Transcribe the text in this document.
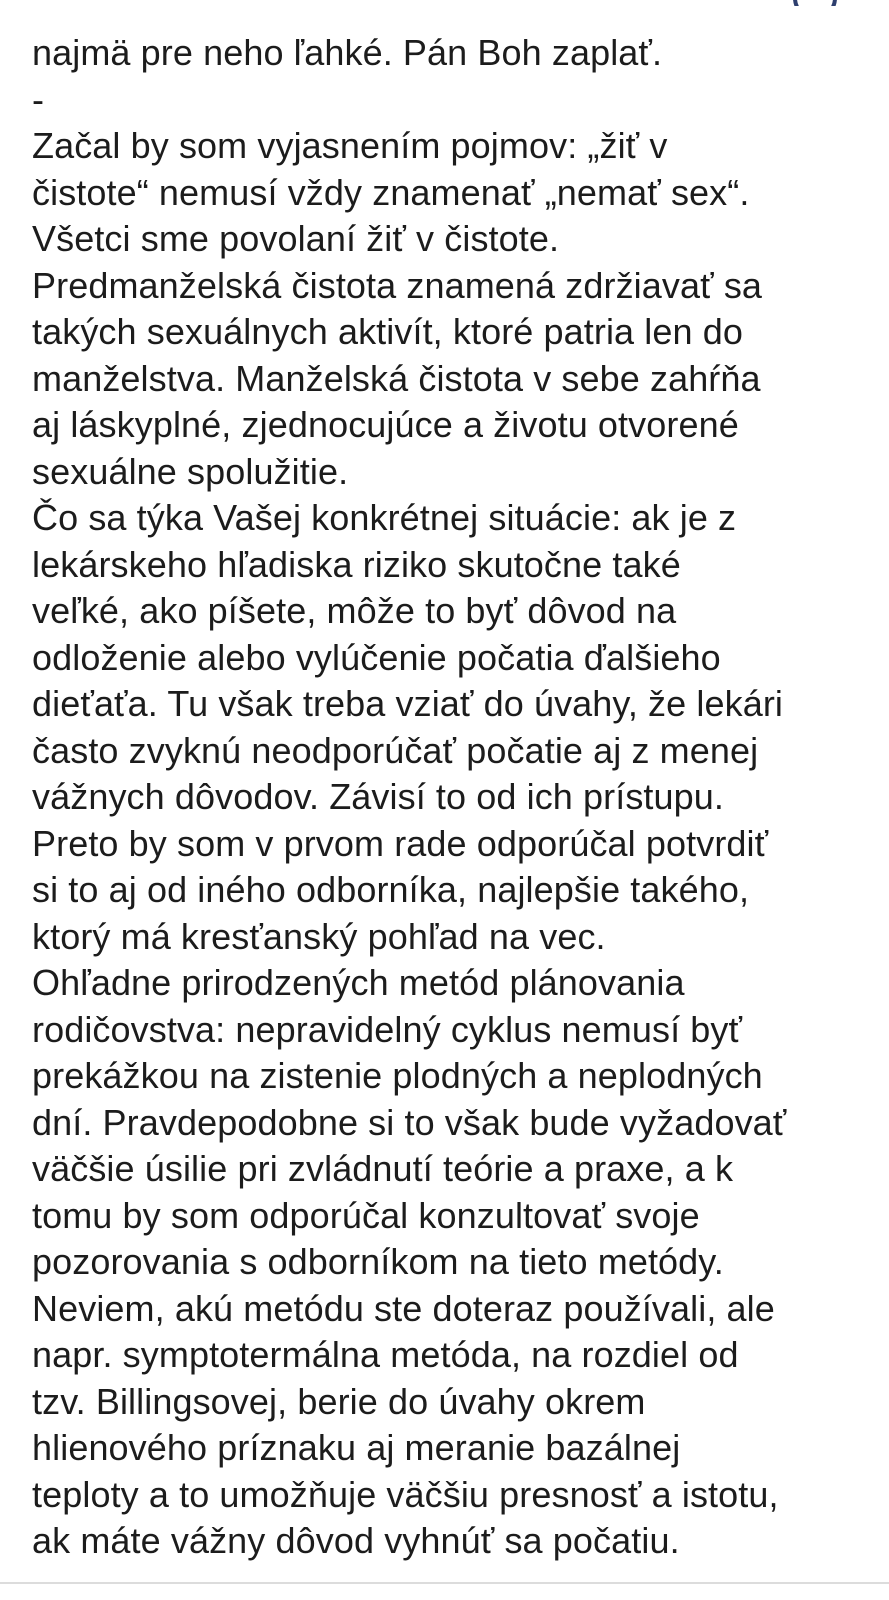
najmä pre neho ľahké. Pán Boh zaplať.
-
Začal by som vyjasnením pojmov: „žiť v
čistote“ nemusí vždy znamenať „nemať sex“.
Všetci sme povolaní žiť v čistote.
Predmanželská čistota znamená zdržiavať sa
takých sexuálnych aktivít, ktoré patria len do
manželstva. Manželská čistota v sebe zahŕňa
aj láskyplné, zjednocujúce a životu otvorené
sexuálne spolužitie.
Čo sa týka Vašej konkrétnej situácie: ak je z
lekárskeho hľadiska riziko skutočne také
veľké, ako píšete, môže to byť dôvod na
odloženie alebo vylúčenie počatia ďalšieho
dieťaťa. Tu však treba vziať do úvahy, že lekári
často zvyknú neodporúčať počatie aj z menej
vážnych dôvodov. Závisí to od ich prístupu.
Preto by som v prvom rade odporúčal potvrdiť
si to aj od iného odborníka, najlepšie takého,
ktorý má kresťanský pohľad na vec.
Ohľadne prirodzených metód plánovania
rodičovstva: nepravidelný cyklus nemusí byť
prekážkou na zistenie plodných a neplodných
dní. Pravdepodobne si to však bude vyžadovať
väčšie úsilie pri zvládnutí teórie a praxe, a k
tomu by som odporúčal konzultovať svoje
pozorovania s odborníkom na tieto metódy.
Neviem, akú metódu ste doteraz používali, ale
napr. symptotermálna metóda, na rozdiel od
tzv. Billingsovej, berie do úvahy okrem
hlienového príznaku aj meranie bazálnej
teploty a to umožňuje väčšiu presnosť a istotu,
ak máte vážny dôvod vyhnúť sa počatiu.
